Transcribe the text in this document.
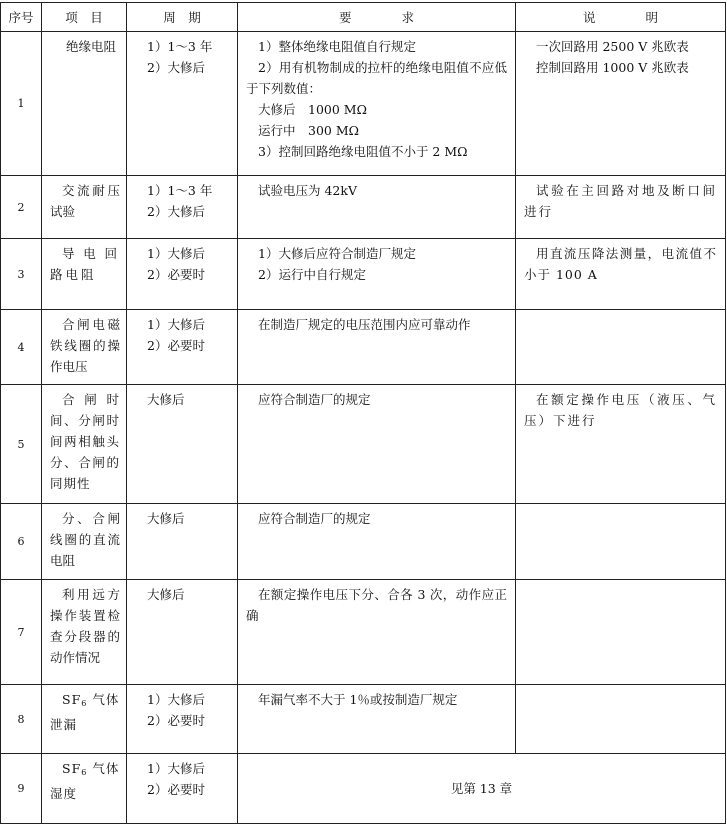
序号	项　目	周　期	要　　　　求	说　　　　明
1	绝缘电阻	1）1～3 年
2）大修后	1）整体绝缘电阻值自行规定
2）用有机物制成的拉杆的绝缘电阻值不应低于下列数值：
大修后　1000 MΩ
运行中　300 MΩ
3）控制回路绝缘电阻值不小于 2 MΩ	一次回路用 2500 V 兆欧表
控制回路用 1000 V 兆欧表

2	交流耐压试验	1）1～3 年
2）大修后	试验电压为 42kV	试验在主回路对地及断口间进行

3	导电回路电阻	1）大修后
2）必要时	1）大修后应符合制造厂规定
2）运行中自行规定	用直流压降法测量，电流值不小于 100 A

4	合闸电磁铁线圈的操作电压	1）大修后
2）必要时	在制造厂规定的电压范围内应可靠动作	

5	合闸时间、分闸时间两相触头分、合闸的同期性	大修后	应符合制造厂的规定	在额定操作电压（液压、气压）下进行

6	分、合闸线圈的直流电阻	大修后	应符合制造厂的规定	

7	利用远方操作装置检查分段器的动作情况	大修后	在额定操作电压下分、合各 3 次，动作应正确	

8	$SF_6$ 气体泄漏	1）大修后
2）必要时	年漏气率不大于 1％或按制造厂规定	

9	$SF_6$ 气体湿度	1）大修后
2）必要时	见第 13 章	
